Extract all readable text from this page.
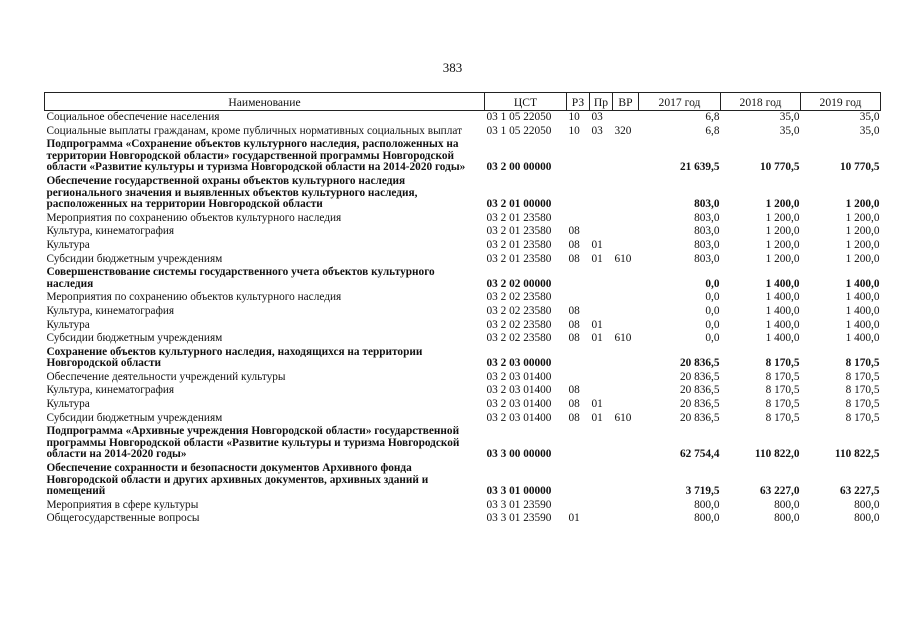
383
Наименование	ЦСТ	РЗ	Пр	ВР	2017 год	2018 год	2019 год
Социальное обеспечение населения	03 1 05 22050	10	03		6,8	35,0	35,0
Социальные выплаты гражданам, кроме публичных нормативных социальных выплат	03 1 05 22050	10	03	320	6,8	35,0	35,0
Подпрограмма «Сохранение объектов культурного наследия, расположенных на территории Новгородской области» государственной программы Новгородской области «Развитие культуры и туризма Новгородской области на 2014-2020 годы»	03 2 00 00000				21 639,5	10 770,5	10 770,5
Обеспечение государственной охраны объектов культурного наследия регионального значения и выявленных объектов культурного наследия, расположенных на территории Новгородской области	03 2 01 00000				803,0	1 200,0	1 200,0
Мероприятия по сохранению объектов культурного наследия	03 2 01 23580				803,0	1 200,0	1 200,0
Культура, кинематография	03 2 01 23580	08			803,0	1 200,0	1 200,0
Культура	03 2 01 23580	08	01		803,0	1 200,0	1 200,0
Субсидии бюджетным учреждениям	03 2 01 23580	08	01	610	803,0	1 200,0	1 200,0
Совершенствование системы государственного учета объектов культурного наследия	03 2 02 00000				0,0	1 400,0	1 400,0
Мероприятия по сохранению объектов культурного наследия	03 2 02 23580				0,0	1 400,0	1 400,0
Культура, кинематография	03 2 02 23580	08			0,0	1 400,0	1 400,0
Культура	03 2 02 23580	08	01		0,0	1 400,0	1 400,0
Субсидии бюджетным учреждениям	03 2 02 23580	08	01	610	0,0	1 400,0	1 400,0
Сохранение объектов культурного наследия, находящихся на территории Новгородской области	03 2 03 00000				20 836,5	8 170,5	8 170,5
Обеспечение деятельности учреждений культуры	03 2 03 01400				20 836,5	8 170,5	8 170,5
Культура, кинематография	03 2 03 01400	08			20 836,5	8 170,5	8 170,5
Культура	03 2 03 01400	08	01		20 836,5	8 170,5	8 170,5
Субсидии бюджетным учреждениям	03 2 03 01400	08	01	610	20 836,5	8 170,5	8 170,5
Подпрограмма «Архивные учреждения Новгородской области» государственной программы Новгородской области «Развитие культуры и туризма Новгородской области на 2014-2020 годы»	03 3 00 00000				62 754,4	110 822,0	110 822,5
Обеспечение сохранности и безопасности документов Архивного фонда Новгородской области и других архивных документов, архивных зданий и помещений	03 3 01 00000				3 719,5	63 227,0	63 227,5
Мероприятия в сфере культуры	03 3 01 23590				800,0	800,0	800,0
Общегосударственные вопросы	03 3 01 23590	01			800,0	800,0	800,0
